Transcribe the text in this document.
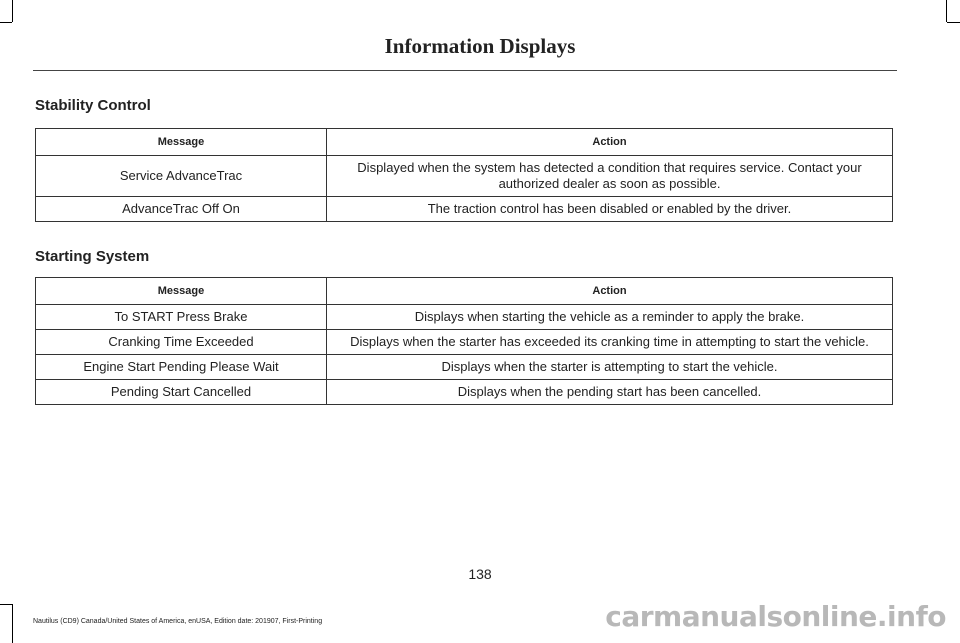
Information Displays
Stability Control
Message	Action
Service AdvanceTrac	Displayed when the system has detected a condition that requires service. Contact your authorized dealer as soon as possible.
AdvanceTrac Off On	The traction control has been disabled or enabled by the driver.
Starting System
Message	Action
To START Press Brake	Displays when starting the vehicle as a reminder to apply the brake.
Cranking Time Exceeded	Displays when the starter has exceeded its cranking time in attempting to start the vehicle.
Engine Start Pending Please Wait	Displays when the starter is attempting to start the vehicle.
Pending Start Cancelled	Displays when the pending start has been cancelled.
138
Nautilus (CD9) Canada/United States of America, enUSA, Edition date: 201907, First-Printing	carmanualsonline.info
